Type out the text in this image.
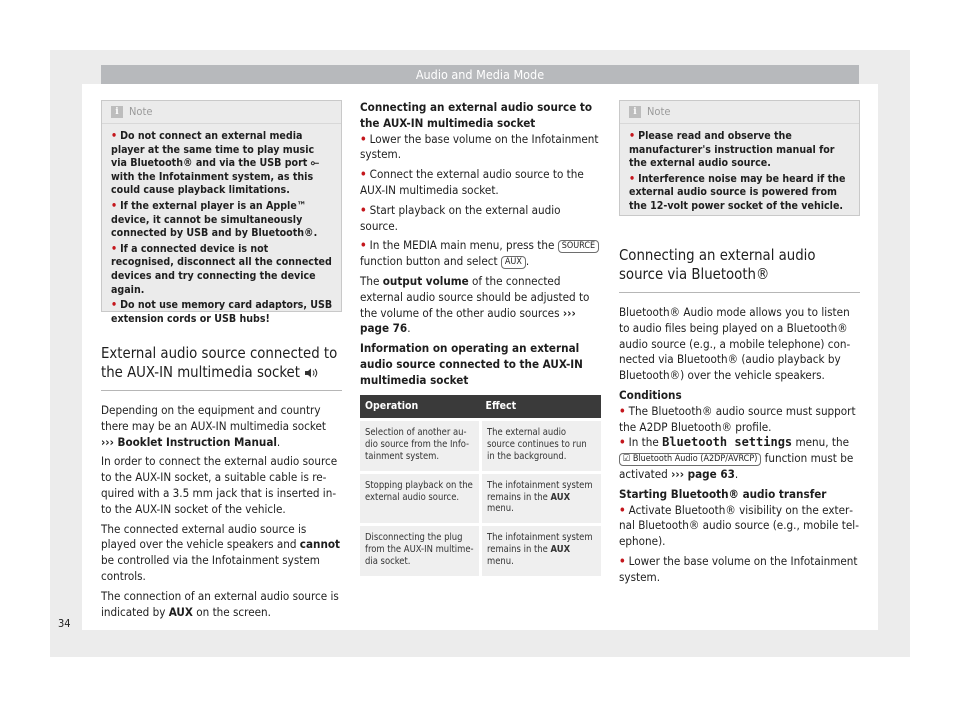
Audio and Media Mode
i Note

• Do not connect an external media player at the same time to play music via Bluetooth® and via the USB port ⟜ with the Infotainment system, as this could cause playback limitations.

• If the external player is an Apple™ device, it cannot be simultaneously connected by USB and by Bluetooth®.

• If a connected device is not recognised, disconnect all the connected devices and try connecting the device again.

• Do not use memory card adaptors, USB extension cords or USB hubs!

External audio source connected to the AUX-IN multimedia socket

Depending on the equipment and country there may be an AUX-IN multimedia socket ››› Booklet Instruction Manual.

In order to connect the external audio source to the AUX-IN socket, a suitable cable is required with a 3.5 mm jack that is inserted into the AUX-IN socket of the vehicle.

The connected external audio source is played over the vehicle speakers and cannot be controlled via the Infotainment system controls.

The connection of an external audio source is indicated by AUX on the screen.

Connecting an external audio source to the AUX-IN multimedia socket

• Lower the base volume on the Infotainment system.

• Connect the external audio source to the AUX-IN multimedia socket.

• Start playback on the external audio source.

• In the MEDIA main menu, press the SOURCE function button and select AUX .

The output volume of the connected external audio source should be adjusted to the volume of the other audio sources ››› page 76.

Information on operating an external audio source connected to the AUX-IN multimedia socket
Operation	Effect
Selection of another audio source from the Infotainment system.	The external audio source continues to run in the background.
Stopping playback on the external audio source.	The infotainment system remains in the AUX menu.
Disconnecting the plug from the AUX-IN multimedia socket.	The infotainment system remains in the AUX menu.
i Note

• Please read and observe the manufacturer's instruction manual for the external audio source.

• Interference noise may be heard if the external audio source is powered from the 12-volt power socket of the vehicle.

Connecting an external audio source via Bluetooth®

Bluetooth® Audio mode allows you to listen to audio files being played on a Bluetooth® audio source (e.g., a mobile telephone) connected via Bluetooth® (audio playback by Bluetooth®) over the vehicle speakers.

Conditions

• The Bluetooth® audio source must support the A2DP Bluetooth® profile.

• In the Bluetooth settings menu, the ☑ Bluetooth Audio (A2DP/AVRCP) function must be activated ››› page 63.

Starting Bluetooth® audio transfer

• Activate Bluetooth® visibility on the external Bluetooth® audio source (e.g., mobile telephone).

• Lower the base volume on the Infotainment system.

34
